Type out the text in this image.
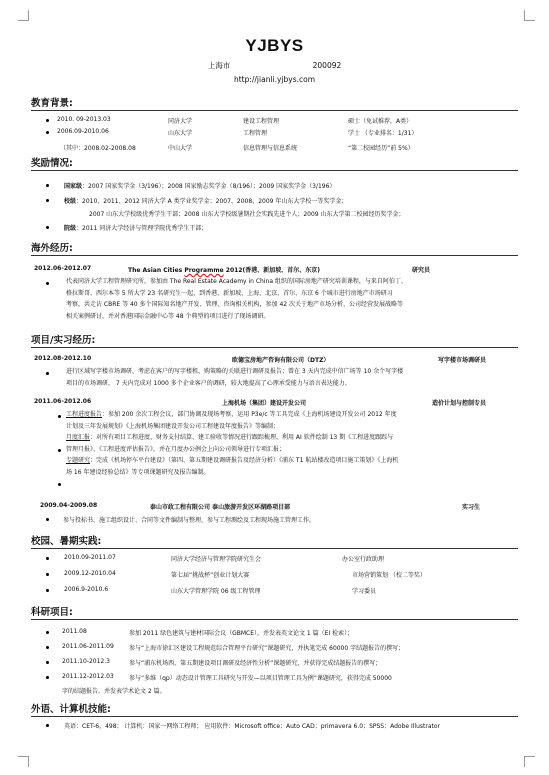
YJBYS
上海市	200092
http://jianli.yjbys.com
教育背景:
2010. 09-2013.03	同济大学	建设工程管理	硕士（免试推荐，A类）
2006.09-2010.06	山东大学	工程管理	学士 （专业排名：1/31）
（其中：2008.02-2008.08	中山大学	信息管理与信息系统	“第二校园经历”前 5%）
奖励情况:
国家级：2007 国家奖学金（3/196）；2008 国家励志奖学金（8/196）；2009 国家奖学金（3/196）
校级：2010、2011、2012 同济大学 A 类学业奖学金；2007、2008、2009 年山东大学校一等奖学金；
2007 山东大学校级优秀学生干部；2008 山东大学校级暑期社会实践先进个人；2009 山东大学第二校园经历奖学金；
院级：2011 同济大学经济与管理学院优秀学生干部；
海外经历:
2012.06-2012.07	The Asian Cities Programme 2012(香港、新加坡、首尔、东京)	研究员
代表同济大学工程管理研究所，参加由 The Real Estate Academy in China 组织的国际房地产研究培训课程，与来自阿伯丁、
格拉斯哥、西尔本等 5 所大学 23 名研究生一起，到香港、新加坡、上海、北京、首尔、东京 6 个城市进行房地产市场研习
考察，共走访 CBRE 等 40 多个国际知名地产开发、管理、咨询相关机构，参加 42 次关于地产市场分析、公司经营发展战略等
相关案例研讨，并对香港国际金融中心等 48 个典型的项目进行了现场调研。
项目/实习经历:
2012.08-2012.10	欧德宝房地产咨询有限公司（DTZ）	写字楼市场调研员
进行区域写字楼市场调研，考虑在客户的写字楼租、购策略的关联进行调研及报告；曾在 3 天内完成中信广场等 10 余个写字楼
项目的市场调研， 7 天内完成对 1000 多个企业客户的调研，较大地提高了心理承受能力与语言表达能力。
2011.06-2012.06	上海机场（集团）建设开发公司	造价计划与控制专员
工程进度报告：参加 200 余次工程会议，部门协调及现场考察，运用 P3e/c 等工具完成《上海机场建设开发公司 2012 年度
计划及三年发展规划》《上海机场集团建设开发公司工程建设年度报告》等编制；
月度汇报：对所有项目工程进度、财务支付结算、建工验收等情况进行跟踪梳理，利用 AI 软件绘制 13 期《工程进度跟踪与
管理月报》、《工程进度评估报告》，并在月度办公例会上向公司领导进行专项汇报；
专题研究：完成《机场停车平台建设》（第四、第五期建设调研报告及经济分析）《浦东 T1 航站楼改造项目施工策划》《上海机
场 16 年建设经验总结》等专项课题研究及报告编制。
2009.04-2009.08	泰山市政工程有限公司 泰山旅游开发区环湖路项目部	实习生
参与投标书、施工组织设计、合同等文件编制与整理，参与工程测绘及工程现场施工管理工作。
校园、暑期实践:
2010.09-2011.07	同济大学经济与管理学院研究生会	办公室行政助理
2009.12-2010.04	第七届“挑战杯”创业计划大赛	市场营销策划 （校二等奖）
2006.9-2010.6	山东大学管理学院 06 级工程管理	学习委员
科研项目:
2011.08	参加 2011 绿色建筑与建材国际会议（GBMCE），并发表英文论文 1 篇（EI 检索）；
2011.06-2011.09	参与“上海市徐汇区建设工程规范综合管理平台研究”课题研究，并执笔完成 60000 字结题报告的撰写；
2011.10-2012.3	参与“浦东机场西、第五期建设项目调研及经济性分析”课题研究，并获得完成结题报告的撰写；
2011.12-2012.03	参与“多维（qp）动态设计管理工具研究与开发—以项目管理工具为例”课题研究，获得完成 50000
字的结题报告，并发表学术论文 2 篇。
外语、计算机技能:
英语：CET-6，498； 计算机：国家一网络工程师； 应用软件：Microsoft office；Auto CAD；primavera 6.0；SPSS；Adobe Illustrator
